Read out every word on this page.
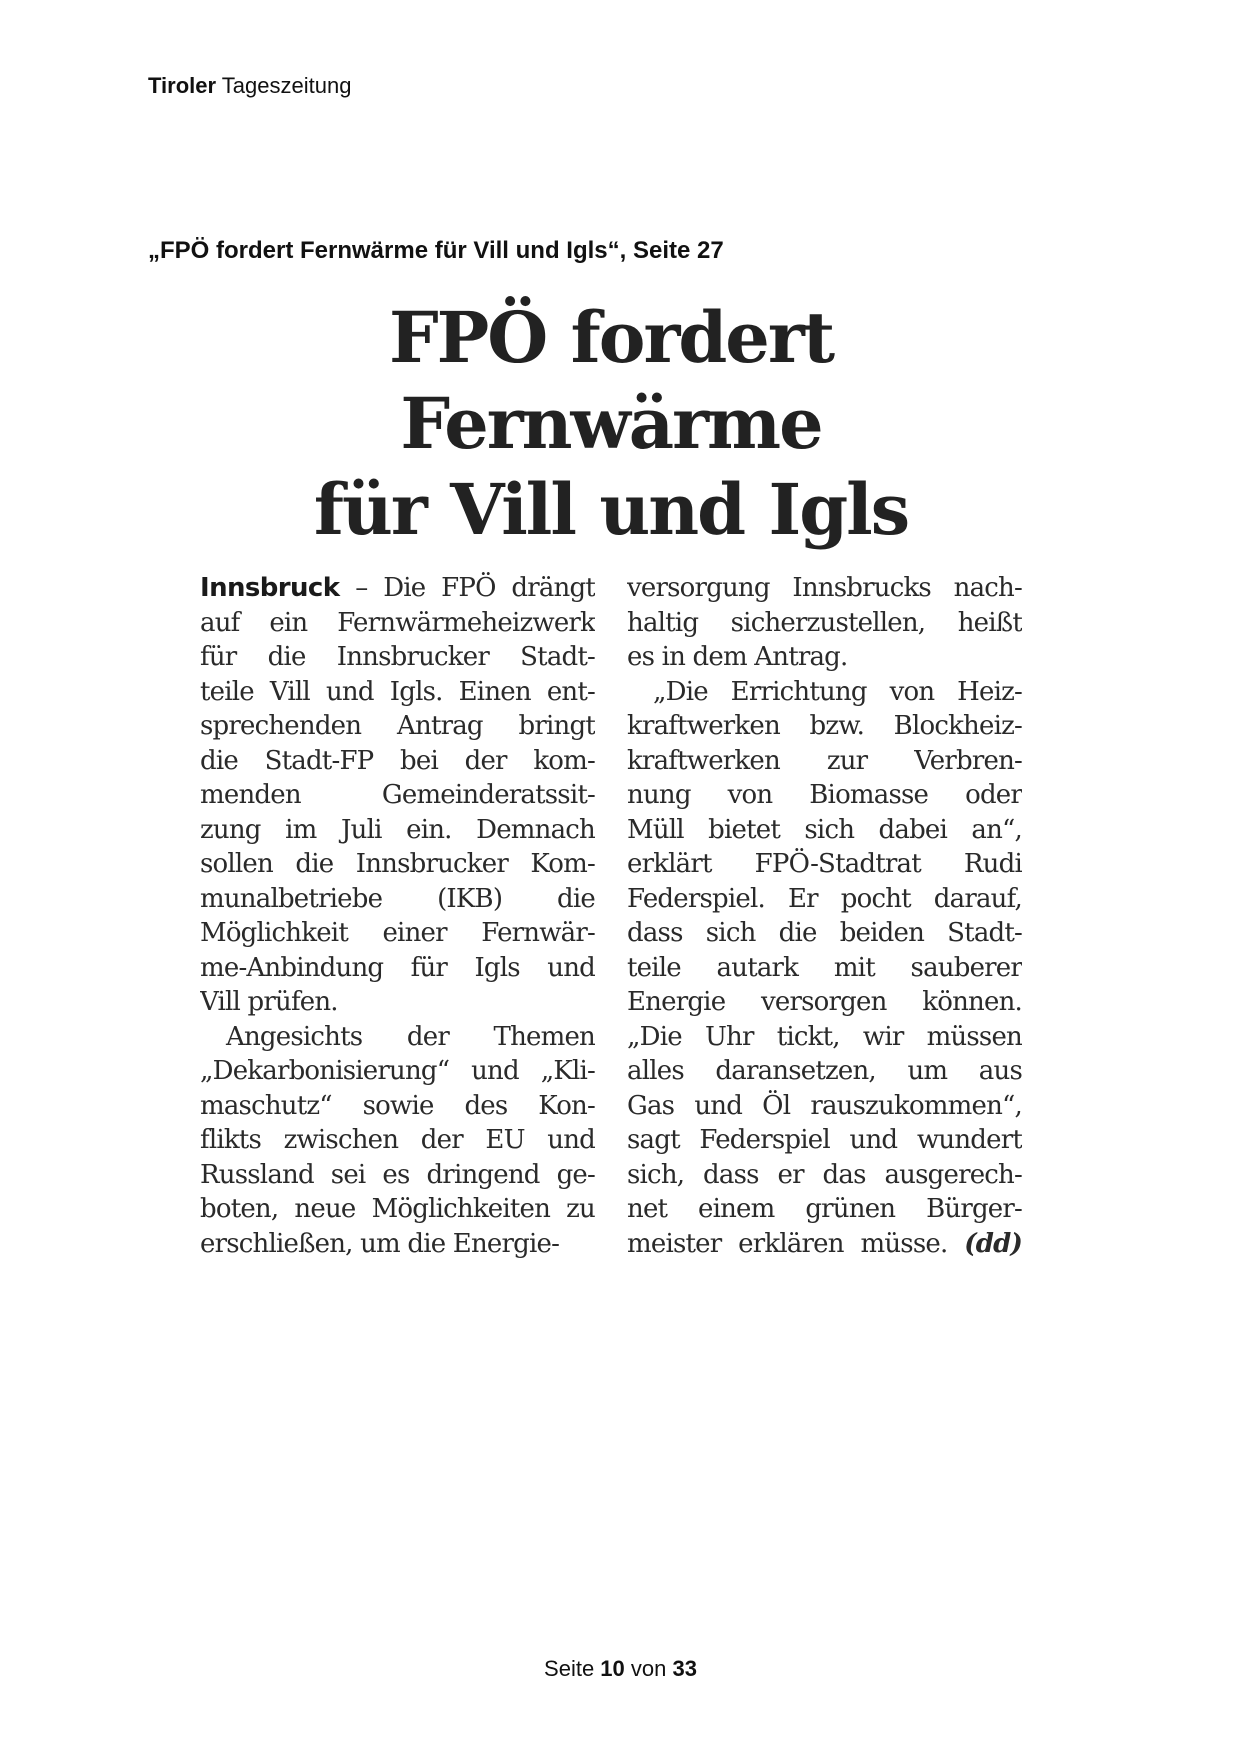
Tiroler Tageszeitung
„FPÖ fordert Fernwärme für Vill und Igls“, Seite 27
FPÖ fordert Fernwärme
für Vill und Igls
Innsbruck – Die FPÖ drängt
auf ein Fernwärmeheizwerk
für die Innsbrucker Stadt-
teile Vill und Igls. Einen ent-
sprechenden Antrag bringt
die Stadt-FP bei der kom-
menden Gemeinderatssit-
zung im Juli ein. Demnach
sollen die Innsbrucker Kom-
munalbetriebe (IKB) die
Möglichkeit einer Fernwär-
me-Anbindung für Igls und
Vill prüfen.
Angesichts der Themen
„Dekarbonisierung“ und „Kli-
maschutz“ sowie des Kon-
flikts zwischen der EU und
Russland sei es dringend ge-
boten, neue Möglichkeiten zu
erschließen, um die Energie-
versorgung Innsbrucks nach-
haltig sicherzustellen, heißt
es in dem Antrag.
„Die Errichtung von Heiz-
kraftwerken bzw. Blockheiz-
kraftwerken zur Verbren-
nung von Biomasse oder
Müll bietet sich dabei an“,
erklärt FPÖ-Stadtrat Rudi
Federspiel. Er pocht darauf,
dass sich die beiden Stadt-
teile autark mit sauberer
Energie versorgen können.
„Die Uhr tickt, wir müssen
alles daransetzen, um aus
Gas und Öl rauszukommen“,
sagt Federspiel und wundert
sich, dass er das ausgerech-
net einem grünen Bürger-
meister erklären müsse. (dd)
Seite 10 von 33
